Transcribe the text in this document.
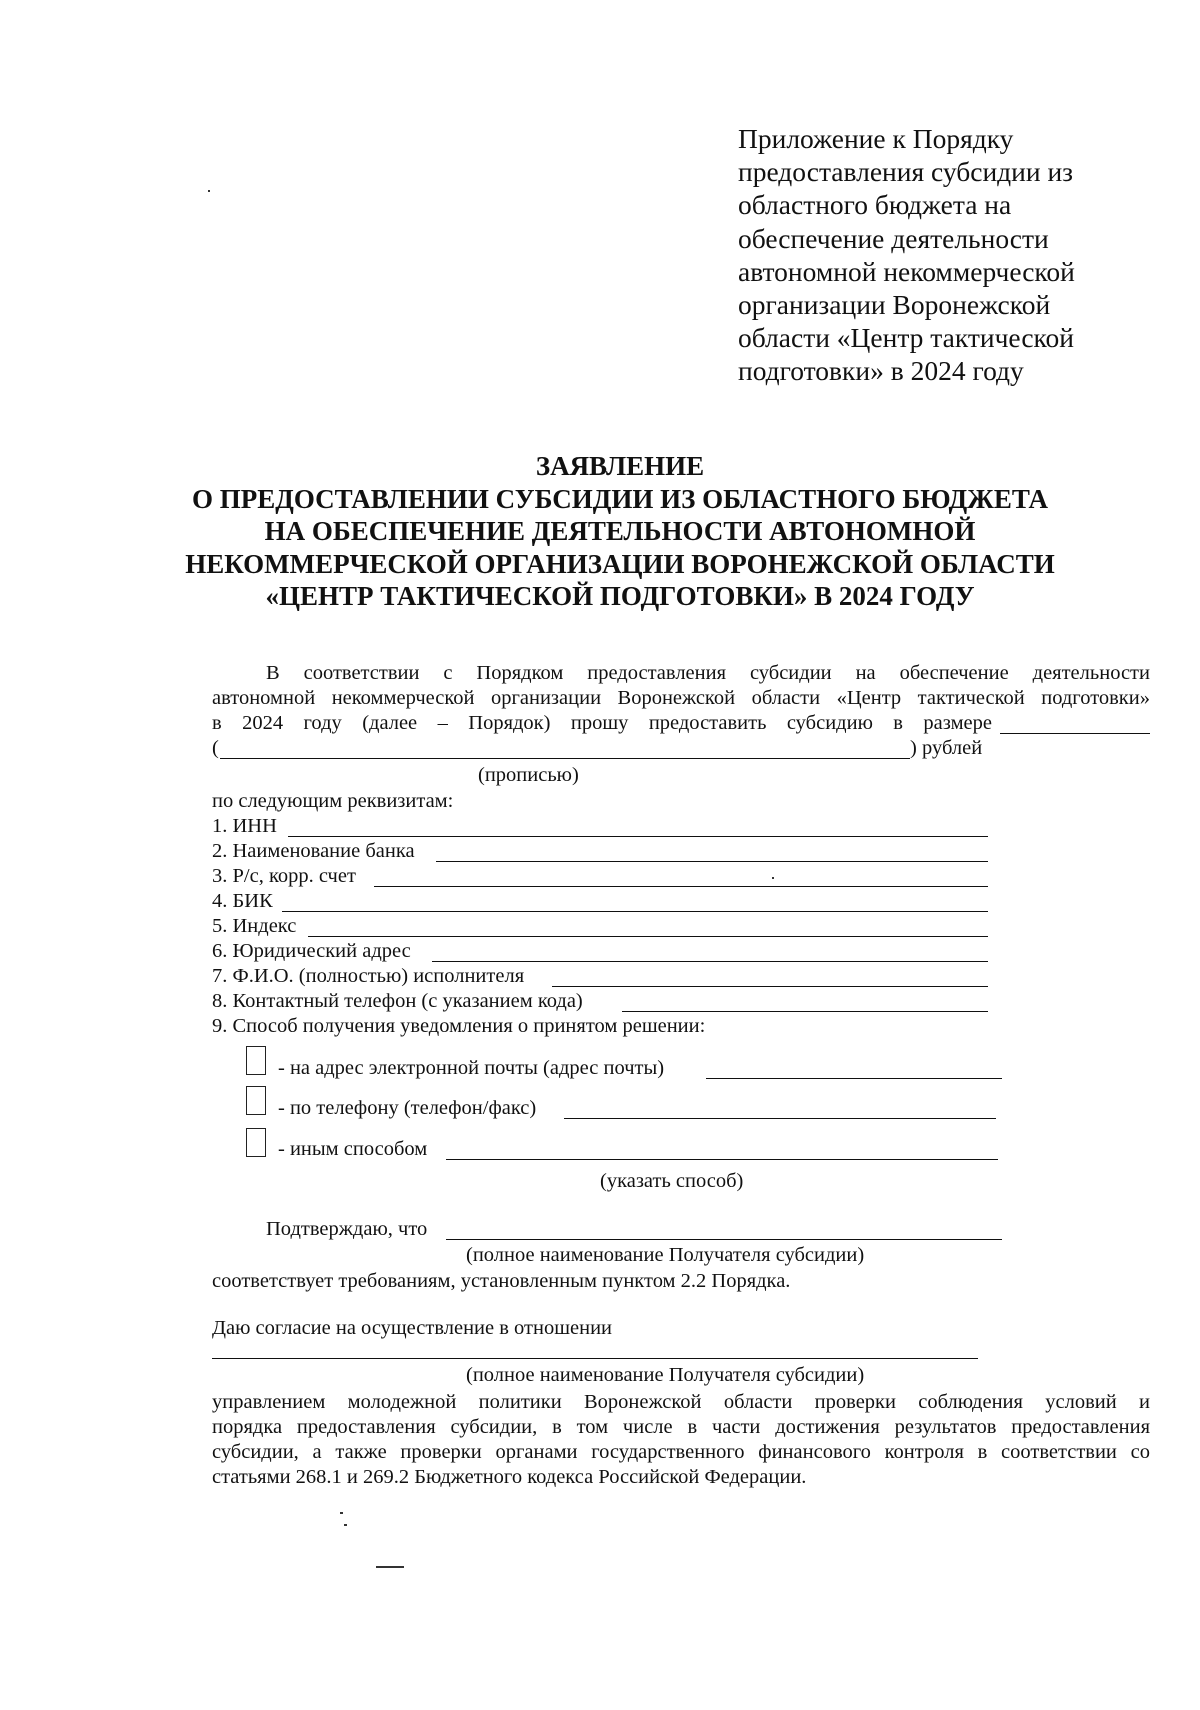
Приложение к Порядку
предоставления субсидии из
областного бюджета на
обеспечение деятельности
автономной некоммерческой
организации Воронежской
области «Центр тактической
подготовки» в 2024 году
ЗАЯВЛЕНИЕ
О ПРЕДОСТАВЛЕНИИ СУБСИДИИ ИЗ ОБЛАСТНОГО БЮДЖЕТА
НА ОБЕСПЕЧЕНИЕ ДЕЯТЕЛЬНОСТИ АВТОНОМНОЙ
НЕКОММЕРЧЕСКОЙ ОРГАНИЗАЦИИ ВОРОНЕЖСКОЙ ОБЛАСТИ
«ЦЕНТР ТАКТИЧЕСКОЙ ПОДГОТОВКИ» В 2024 ГОДУ
В соответствии с Порядком предоставления субсидии на обеспечение деятельности
автономной некоммерческой организации Воронежской области «Центр тактической подготовки»
в 2024 году (далее – Порядок) прошу предоставить субсидию в размере
(	) рублей
(прописью)
по следующим реквизитам:
1. ИНН
2. Наименование банка
3. Р/с, корр. счет
4. БИК
5. Индекс
6. Юридический адрес
7. Ф.И.О. (полностью) исполнителя
8. Контактный телефон (с указанием кода)
9. Способ получения уведомления о принятом решении:
- на адрес электронной почты (адрес почты)
- по телефону (телефон/факс)
- иным способом
(указать способ)
Подтверждаю, что
(полное наименование Получателя субсидии)
соответствует требованиям, установленным пунктом 2.2 Порядка.
Даю согласие на осуществление в отношении
(полное наименование Получателя субсидии)
управлением молодежной политики Воронежской области проверки соблюдения условий и
порядка предоставления субсидии, в том числе в части достижения результатов предоставления
субсидии, а также проверки органами государственного финансового контроля в соответствии со
статьями 268.1 и 269.2 Бюджетного кодекса Российской Федерации.
